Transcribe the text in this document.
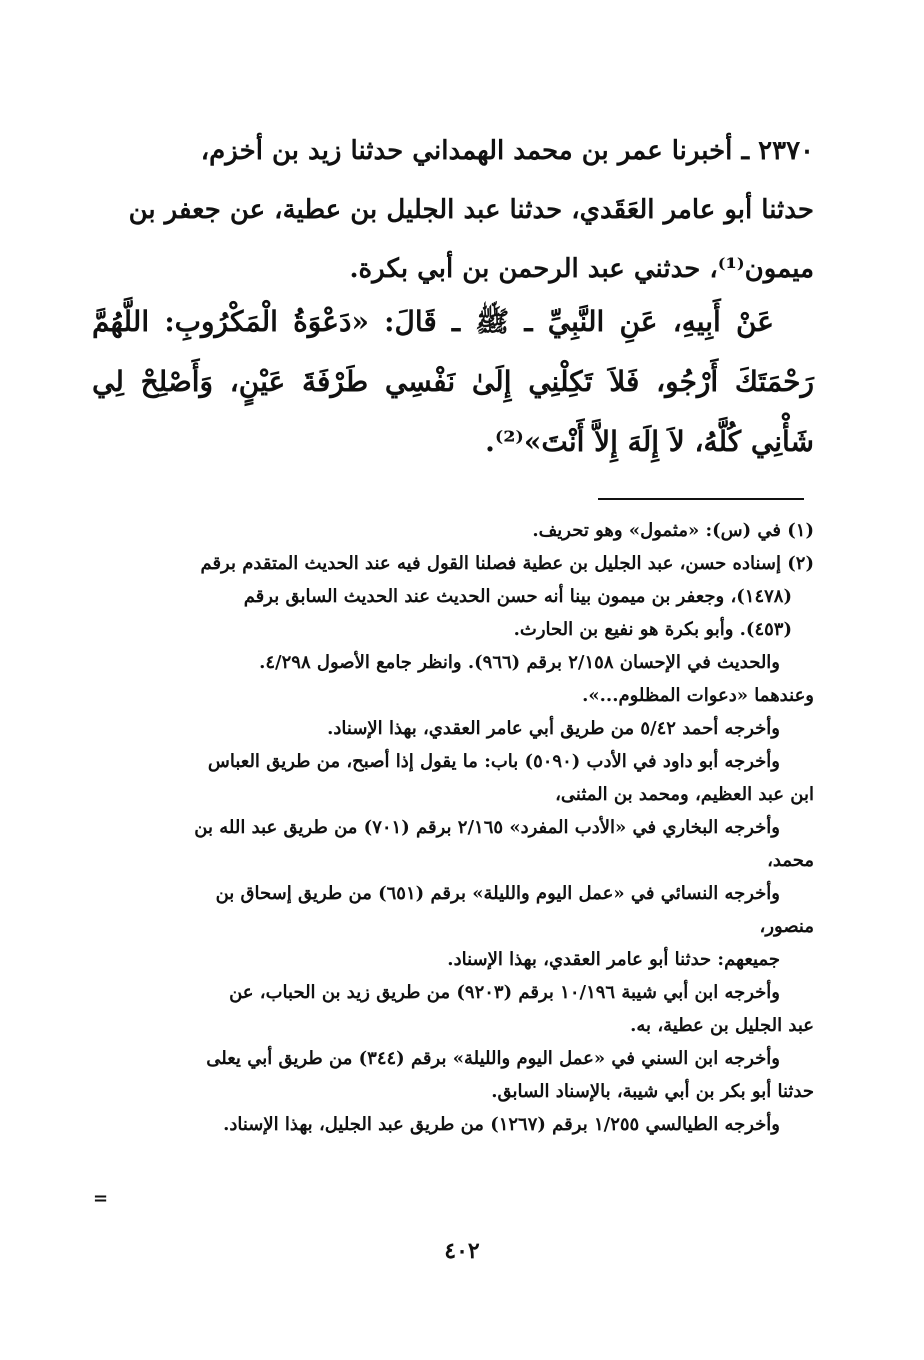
٢٣٧٠ ـ أخبرنا عمر بن محمد الهمداني حدثنا زيد بن أخزم،

حدثنا أبو عامر العَقَدي، حدثنا عبد الجليل بن عطية، عن جعفر بن

ميمون⁽¹⁾، حدثني عبد الرحمن بن أبي بكرة.

عَنْ أَبِيهِ، عَنِ النَّبِيِّ ـ ﷺ ـ قَالَ: «دَعْوَةُ الْمَكْرُوبِ: اللَّهُمَّ رَحْمَتَكَ أَرْجُو، فَلاَ تَكِلْنِي إِلَىٰ نَفْسِي طَرْفَةَ عَيْنٍ، وَأَصْلِحْ لِي شَأْنِي كُلَّهُ، لاَ إِلَهَ إِلاَّ أَنْتَ»⁽²⁾.

(١) في (س): «مثمول» وهو تحريف.

(٢) إسناده حسن، عبد الجليل بن عطية فصلنا القول فيه عند الحديث المتقدم برقم

(١٤٧٨)، وجعفر بن ميمون بينا أنه حسن الحديث عند الحديث السابق برقم

(٤٥٣). وأبو بكرة هو نفيع بن الحارث.

والحديث في الإحسان ٢/١٥٨ برقم (٩٦٦). وانظر جامع الأصول ٤/٢٩٨.

وعندهما «دعوات المظلوم...».

وأخرجه أحمد ٥/٤٢ من طريق أبي عامر العقدي، بهذا الإسناد.

وأخرجه أبو داود في الأدب (٥٠٩٠) باب: ما يقول إذا أصبح، من طريق العباس

ابن عبد العظيم، ومحمد بن المثنى،

وأخرجه البخاري في «الأدب المفرد» ٢/١٦٥ برقم (٧٠١) من طريق عبد الله بن

محمد،

وأخرجه النسائي في «عمل اليوم والليلة» برقم (٦٥١) من طريق إسحاق بن

منصور،

جميعهم: حدثنا أبو عامر العقدي، بهذا الإسناد.

وأخرجه ابن أبي شيبة ١٠/١٩٦ برقم (٩٢٠٣) من طريق زيد بن الحباب، عن

عبد الجليل بن عطية، به.

وأخرجه ابن السني في «عمل اليوم والليلة» برقم (٣٤٤) من طريق أبي يعلى

حدثنا أبو بكر بن أبي شيبة، بالإسناد السابق.

وأخرجه الطيالسي ١/٢٥٥ برقم (١٢٦٧) من طريق عبد الجليل، بهذا الإسناد.

=
٤٠٢
